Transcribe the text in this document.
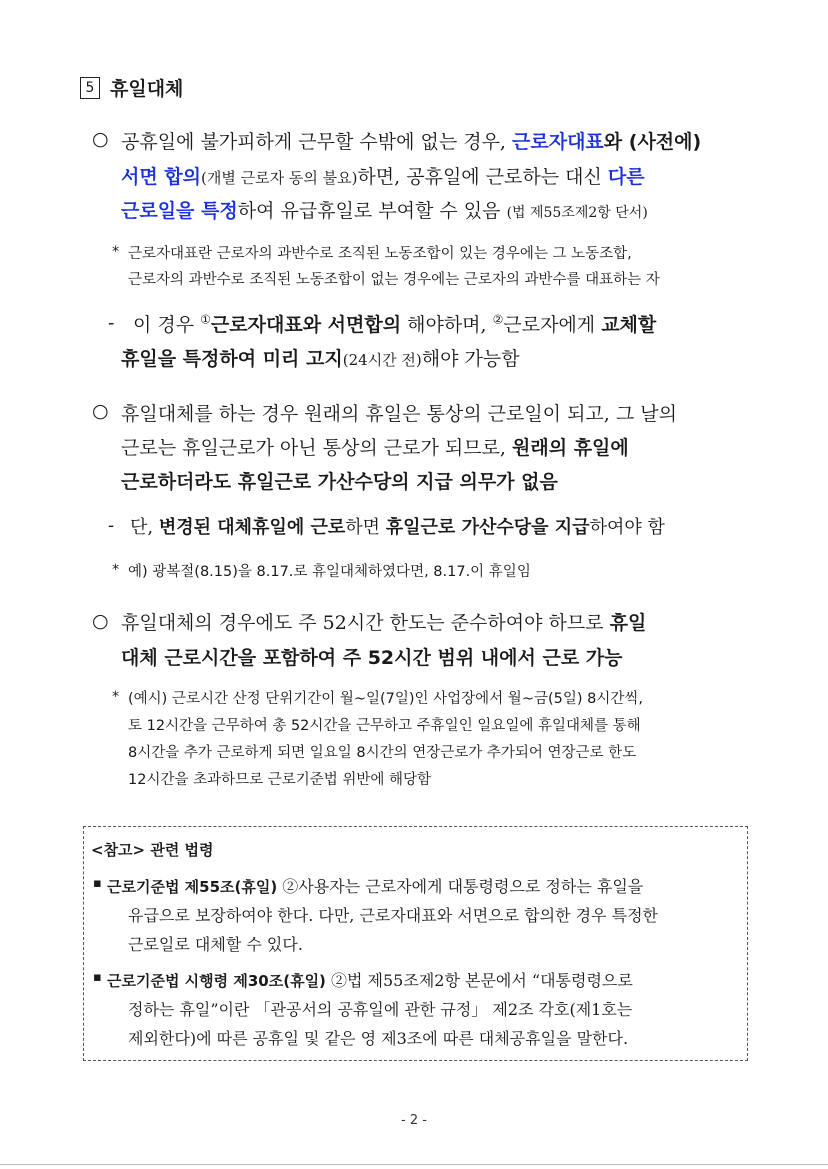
5 휴일대체
○ 공휴일에 불가피하게 근무할 수밖에 없는 경우, 근로자대표와 (사전에)
서면 합의(개별 근로자 동의 불요)하면, 공휴일에 근로하는 대신 다른
근로일을 특정하여 유급휴일로 부여할 수 있음 (법 제55조제2항 단서)
* 근로자대표란 근로자의 과반수로 조직된 노동조합이 있는 경우에는 그 노동조합,
근로자의 과반수로 조직된 노동조합이 없는 경우에는 근로자의 과반수를 대표하는 자
- 이 경우 ①근로자대표와 서면합의 해야하며, ②근로자에게 교체할
휴일을 특정하여 미리 고지(24시간 전)해야 가능함
○ 휴일대체를 하는 경우 원래의 휴일은 통상의 근로일이 되고, 그 날의
근로는 휴일근로가 아닌 통상의 근로가 되므로, 원래의 휴일에
근로하더라도 휴일근로 가산수당의 지급 의무가 없음
- 단, 변경된 대체휴일에 근로하면 휴일근로 가산수당을 지급하여야 함
* 예) 광복절(8.15)을 8.17.로 휴일대체하였다면, 8.17.이 휴일임
○ 휴일대체의 경우에도 주 52시간 한도는 준수하여야 하므로 휴일
대체 근로시간을 포함하여 주 52시간 범위 내에서 근로 가능
* (예시) 근로시간 산정 단위기간이 월~일(7일)인 사업장에서 월~금(5일) 8시간씩,
토 12시간을 근무하여 총 52시간을 근무하고 주휴일인 일요일에 휴일대체를 통해
8시간을 추가 근로하게 되면 일요일 8시간의 연장근로가 추가되어 연장근로 한도
12시간을 초과하므로 근로기준법 위반에 해당함
<참고> 관련 법령
▪ 근로기준법 제55조(휴일) ②사용자는 근로자에게 대통령령으로 정하는 휴일을
유급으로 보장하여야 한다. 다만, 근로자대표와 서면으로 합의한 경우 특정한
근로일로 대체할 수 있다.
▪ 근로기준법 시행령 제30조(휴일) ②법 제55조제2항 본문에서 “대통령령으로
정하는 휴일”이란 「관공서의 공휴일에 관한 규정」 제2조 각호(제1호는
제외한다)에 따른 공휴일 및 같은 영 제3조에 따른 대체공휴일을 말한다.
- 2 -
